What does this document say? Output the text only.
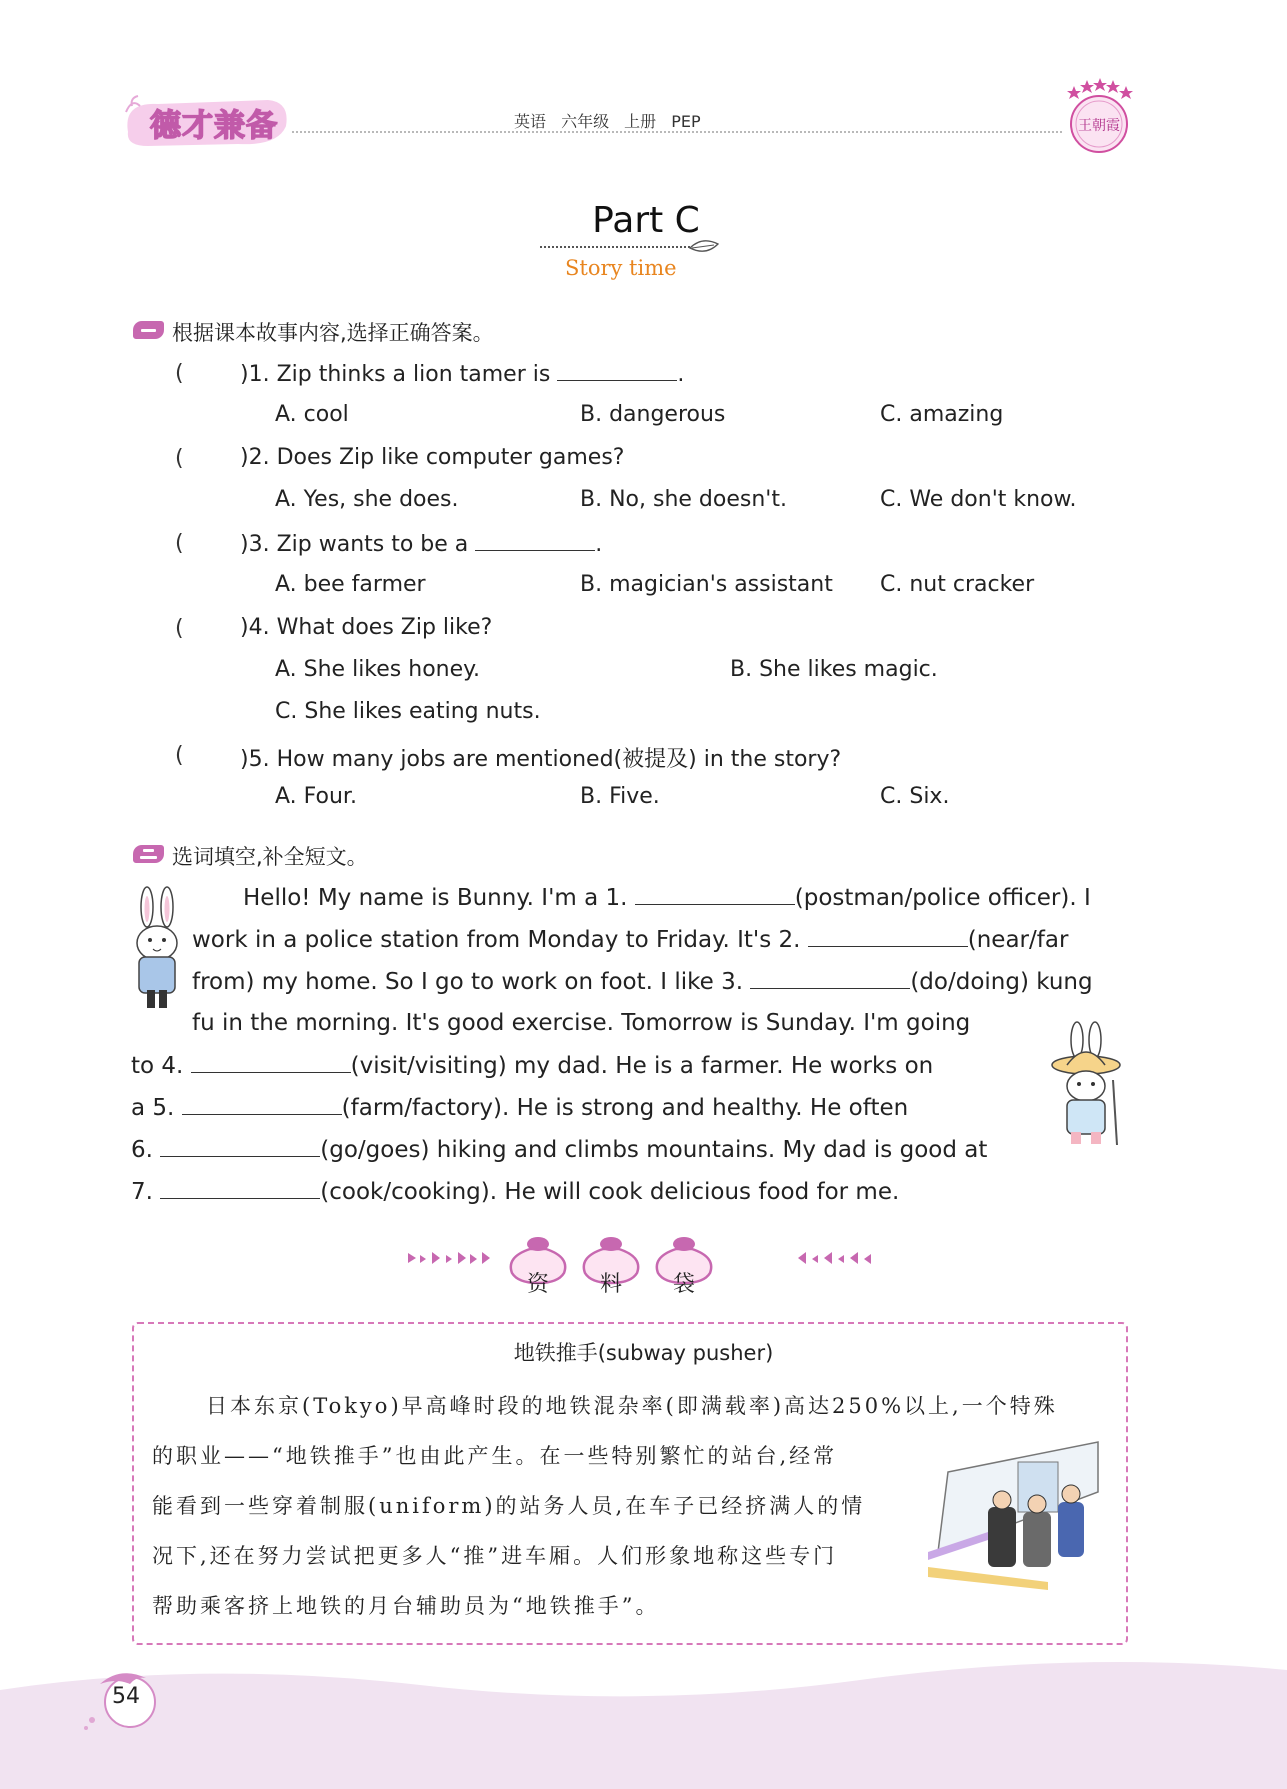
德才兼备	英语 六年级 上册 PEP	王朝霞
Part C
Story time
根据课本故事内容,选择正确答案。
(	)1. Zip thinks a lion tamer is	.
A. cool	B. dangerous	C. amazing
(	)2. Does Zip like computer games?
A. Yes, she does.	B. No, she doesn't.	C. We don't know.
(	)3. Zip wants to be a	.
A. bee farmer	B. magician's assistant C. nut cracker
(	)4. What does Zip like?
A. She likes honey.	B. She likes magic.
C. She likes eating nuts.
(	)5. How many jobs are mentioned(被提及) in the story?
A. Four.	B. Five.	C. Six.
选词填空,补全短文。
Hello! My name is Bunny. I'm a 1.	(postman/police officer). I
work in a police station from Monday to Friday. It's 2.	(near/far
from) my home. So I go to work on foot. I like 3.	(do/doing) kung
fu in the morning. It's good exercise. Tomorrow is Sunday. I'm going
to 4.	(visit/visiting) my dad. He is a farmer. He works on
a 5.	(farm/factory). He is strong and healthy. He often
6.	(go/goes) hiking and climbs mountains. My dad is good at
7.	(cook/cooking). He will cook delicious food for me.
资 料 袋
地铁推手(subway pusher)
日本东京(Tokyo)早高峰时段的地铁混杂率(即满载率)高达250%以上,一个特殊
的职业——“地铁推手”也由此产生。在一些特别繁忙的站台,经常
能看到一些穿着制服(uniform)的站务人员,在车子已经挤满人的情
况下,还在努力尝试把更多人“推”进车厢。人们形象地称这些专门
帮助乘客挤上地铁的月台辅助员为“地铁推手”。
54
